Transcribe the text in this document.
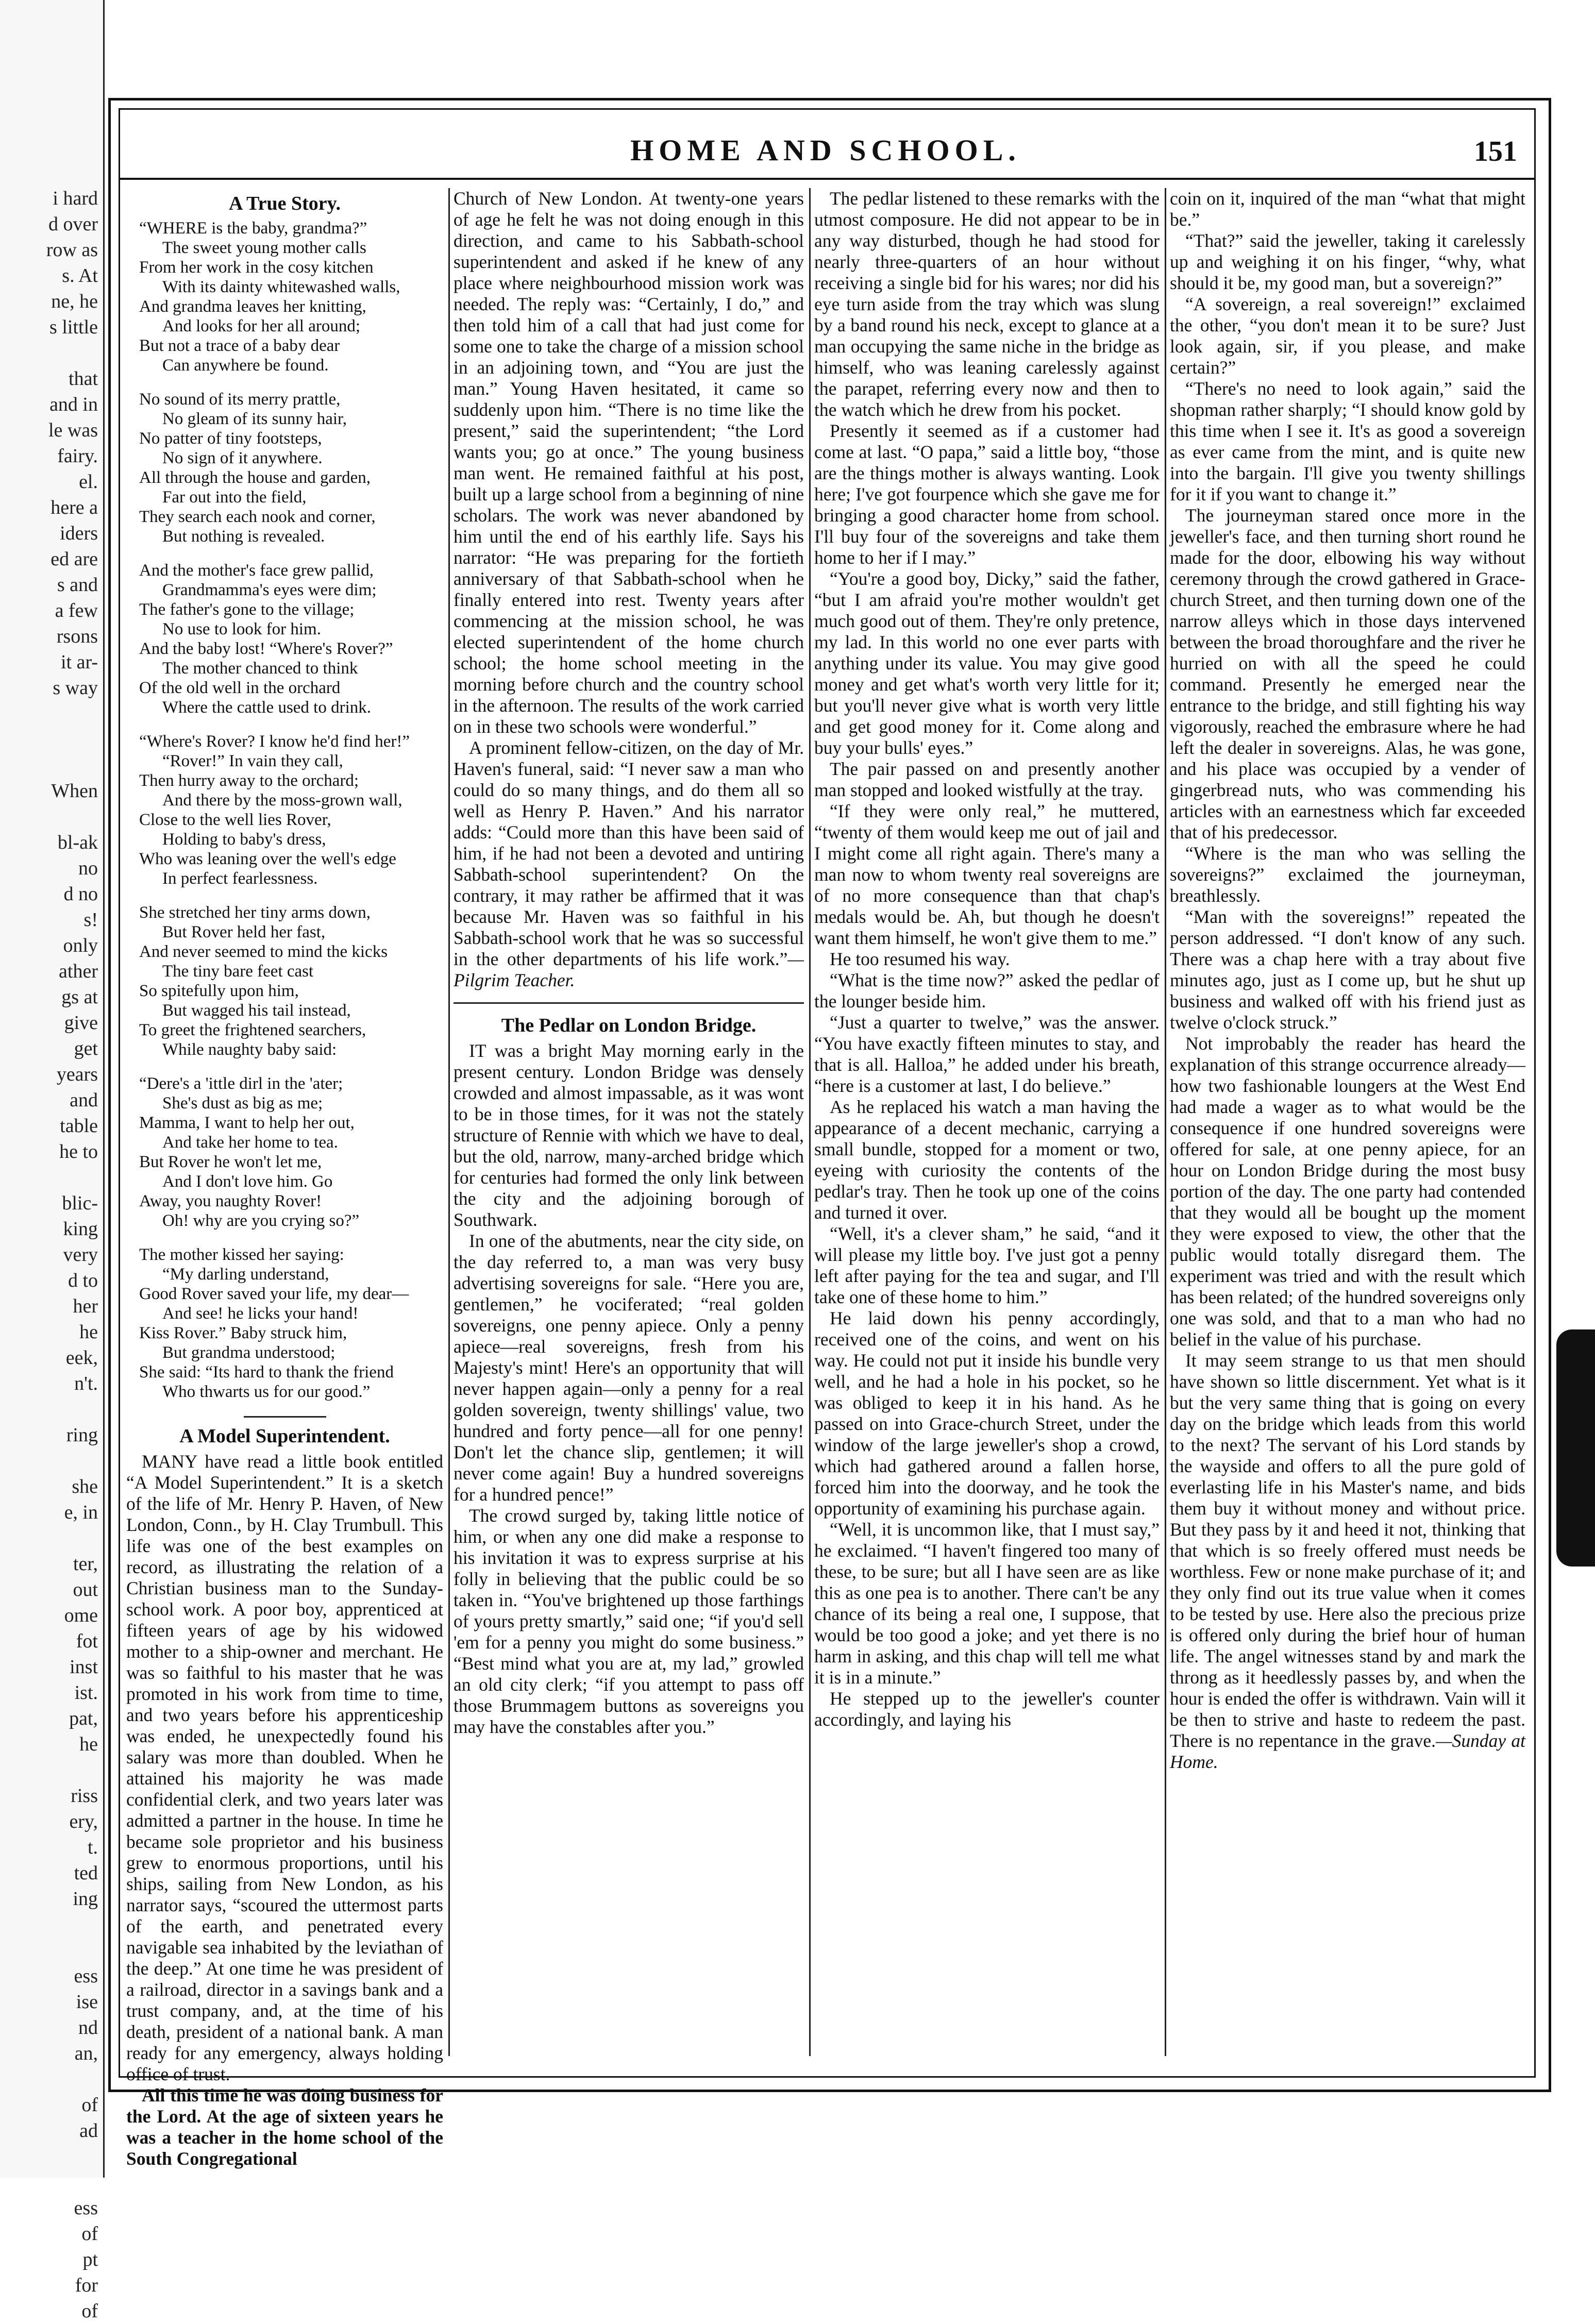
i hard
d over
row as
s. At
ne, he
s little

that
and in
le was
fairy.
el.
here a
iders
ed are
s and
a few
rsons
it ar-
s way

When

bl-ak
no
d no
s!
only
ather
gs at
give
get
years
and
table
he to

blic-
king
very
d to
her
he
eek,
n't.

ring

she
e, in

ter,
out
ome
fot
inst
ist.
pat,
he

riss
ery,
t.
ted
ing

ess
ise
nd
an,

of
ad

ess
of
pt
for
of
HOME AND SCHOOL.	151
A True Story.
“WHERE is the baby, grandma?”
The sweet young mother calls
From her work in the cosy kitchen
With its dainty whitewashed walls,
And grandma leaves her knitting,
And looks for her all around;
But not a trace of a baby dear
Can anywhere be found.
No sound of its merry prattle,
No gleam of its sunny hair,
No patter of tiny footsteps,
No sign of it anywhere.
All through the house and garden,
Far out into the field,
They search each nook and corner,
But nothing is revealed.
And the mother's face grew pallid,
Grandmamma's eyes were dim;
The father's gone to the village;
No use to look for him.
And the baby lost! “Where's Rover?”
The mother chanced to think
Of the old well in the orchard
Where the cattle used to drink.
“Where's Rover? I know he'd find her!”
“Rover!” In vain they call,
Then hurry away to the orchard;
And there by the moss-grown wall,
Close to the well lies Rover,
Holding to baby's dress,
Who was leaning over the well's edge
In perfect fearlessness.
She stretched her tiny arms down,
But Rover held her fast,
And never seemed to mind the kicks
The tiny bare feet cast
So spitefully upon him,
But wagged his tail instead,
To greet the frightened searchers,
While naughty baby said:
“Dere's a 'ittle dirl in the 'ater;
She's dust as big as me;
Mamma, I want to help her out,
And take her home to tea.
But Rover he won't let me,
And I don't love him. Go
Away, you naughty Rover!
Oh! why are you crying so?”
The mother kissed her saying:
“My darling understand,
Good Rover saved your life, my dear—
And see! he licks your hand!
Kiss Rover.” Baby struck him,
But grandma understood;
She said: “Its hard to thank the friend
Who thwarts us for our good.”
A Model Superintendent.

MANY have read a little book entitled “A Model Superintendent.” It is a sketch of the life of Mr. Henry P. Haven, of New London, Conn., by H. Clay Trumbull. This life was one of the best examples on record, as illustrating the relation of a Christian business man to the Sunday-school work. A poor boy, apprenticed at fifteen years of age by his widowed mother to a ship-owner and merchant. He was so faithful to his master that he was promoted in his work from time to time, and two years before his apprenticeship was ended, he unexpectedly found his salary was more than doubled. When he attained his majority he was made confidential clerk, and two years later was admitted a partner in the house. In time he became sole proprietor and his business grew to enormous proportions, until his ships, sailing from New London, as his narrator says, “scoured the uttermost parts of the earth, and penetrated every navigable sea inhabited by the leviathan of the deep.” At one time he was president of a railroad, director in a savings bank and a trust company, and, at the time of his death, president of a national bank. A man ready for any emergency, always holding office of trust.

All this time he was doing business for the Lord. At the age of sixteen years he was a teacher in the home school of the South Congregational

Church of New London. At twenty-one years of age he felt he was not doing enough in this direction, and came to his Sabbath-school superintendent and asked if he knew of any place where neighbourhood mission work was needed. The reply was: “Certainly, I do,” and then told him of a call that had just come for some one to take the charge of a mission school in an adjoining town, and “You are just the man.” Young Haven hesitated, it came so suddenly upon him. “There is no time like the present,” said the superintendent; “the Lord wants you; go at once.” The young business man went. He remained faithful at his post, built up a large school from a beginning of nine scholars. The work was never abandoned by him until the end of his earthly life. Says his narrator: “He was preparing for the fortieth anniversary of that Sabbath-school when he finally entered into rest. Twenty years after commencing at the mission school, he was elected superintendent of the home church school; the home school meeting in the morning before church and the country school in the afternoon. The results of the work carried on in these two schools were wonderful.”

A prominent fellow-citizen, on the day of Mr. Haven's funeral, said: “I never saw a man who could do so many things, and do them all so well as Henry P. Haven.” And his narrator adds: “Could more than this have been said of him, if he had not been a devoted and untiring Sabbath-school superintendent? On the contrary, it may rather be affirmed that it was because Mr. Haven was so faithful in his Sabbath-school work that he was so successful in the other departments of his life work.”—Pilgrim Teacher.

The Pedlar on London Bridge.

IT was a bright May morning early in the present century. London Bridge was densely crowded and almost impassable, as it was wont to be in those times, for it was not the stately structure of Rennie with which we have to deal, but the old, narrow, many-arched bridge which for centuries had formed the only link between the city and the adjoining borough of Southwark.

In one of the abutments, near the city side, on the day referred to, a man was very busy advertising sovereigns for sale. “Here you are, gentlemen,” he vociferated; “real golden sovereigns, one penny apiece. Only a penny apiece—real sovereigns, fresh from his Majesty's mint! Here's an opportunity that will never happen again—only a penny for a real golden sovereign, twenty shillings' value, two hundred and forty pence—all for one penny! Don't let the chance slip, gentlemen; it will never come again! Buy a hundred sovereigns for a hundred pence!”

The crowd surged by, taking little notice of him, or when any one did make a response to his invitation it was to express surprise at his folly in believing that the public could be so taken in. “You've brightened up those farthings of yours pretty smartly,” said one; “if you'd sell 'em for a penny you might do some business.” “Best mind what you are at, my lad,” growled an old city clerk; “if you attempt to pass off those Brummagem buttons as sovereigns you may have the constables after you.”

The pedlar listened to these remarks with the utmost composure. He did not appear to be in any way disturbed, though he had stood for nearly three-quarters of an hour without receiving a single bid for his wares; nor did his eye turn aside from the tray which was slung by a band round his neck, except to glance at a man occupying the same niche in the bridge as himself, who was leaning carelessly against the parapet, referring every now and then to the watch which he drew from his pocket.

Presently it seemed as if a customer had come at last. “O papa,” said a little boy, “those are the things mother is always wanting. Look here; I've got fourpence which she gave me for bringing a good character home from school. I'll buy four of the sovereigns and take them home to her if I may.”

“You're a good boy, Dicky,” said the father, “but I am afraid you're mother wouldn't get much good out of them. They're only pretence, my lad. In this world no one ever parts with anything under its value. You may give good money and get what's worth very little for it; but you'll never give what is worth very little and get good money for it. Come along and buy your bulls' eyes.”

The pair passed on and presently another man stopped and looked wistfully at the tray.

“If they were only real,” he muttered, “twenty of them would keep me out of jail and I might come all right again. There's many a man now to whom twenty real sovereigns are of no more consequence than that chap's medals would be. Ah, but though he doesn't want them himself, he won't give them to me.”

He too resumed his way.

“What is the time now?” asked the pedlar of the lounger beside him.

“Just a quarter to twelve,” was the answer. “You have exactly fifteen minutes to stay, and that is all. Halloa,” he added under his breath, “here is a customer at last, I do believe.”

As he replaced his watch a man having the appearance of a decent mechanic, carrying a small bundle, stopped for a moment or two, eyeing with curiosity the contents of the pedlar's tray. Then he took up one of the coins and turned it over.

“Well, it's a clever sham,” he said, “and it will please my little boy. I've just got a penny left after paying for the tea and sugar, and I'll take one of these home to him.”

He laid down his penny accordingly, received one of the coins, and went on his way. He could not put it inside his bundle very well, and he had a hole in his pocket, so he was obliged to keep it in his hand. As he passed on into Grace-church Street, under the window of the large jeweller's shop a crowd, which had gathered around a fallen horse, forced him into the doorway, and he took the opportunity of examining his purchase again.

“Well, it is uncommon like, that I must say,” he exclaimed. “I haven't fingered too many of these, to be sure; but all I have seen are as like this as one pea is to another. There can't be any chance of its being a real one, I suppose, that would be too good a joke; and yet there is no harm in asking, and this chap will tell me what it is in a minute.”

He stepped up to the jeweller's counter accordingly, and laying his

coin on it, inquired of the man “what that might be.”

“That?” said the jeweller, taking it carelessly up and weighing it on his finger, “why, what should it be, my good man, but a sovereign?”

“A sovereign, a real sovereign!” exclaimed the other, “you don't mean it to be sure? Just look again, sir, if you please, and make certain?”

“There's no need to look again,” said the shopman rather sharply; “I should know gold by this time when I see it. It's as good a sovereign as ever came from the mint, and is quite new into the bargain. I'll give you twenty shillings for it if you want to change it.”

The journeyman stared once more in the jeweller's face, and then turning short round he made for the door, elbowing his way without ceremony through the crowd gathered in Grace-church Street, and then turning down one of the narrow alleys which in those days intervened between the broad thoroughfare and the river he hurried on with all the speed he could command. Presently he emerged near the entrance to the bridge, and still fighting his way vigorously, reached the embrasure where he had left the dealer in sovereigns. Alas, he was gone, and his place was occupied by a vender of gingerbread nuts, who was commending his articles with an earnestness which far exceeded that of his predecessor.

“Where is the man who was selling the sovereigns?” exclaimed the journeyman, breathlessly.

“Man with the sovereigns!” repeated the person addressed. “I don't know of any such. There was a chap here with a tray about five minutes ago, just as I come up, but he shut up business and walked off with his friend just as twelve o'clock struck.”

Not improbably the reader has heard the explanation of this strange occurrence already—how two fashionable loungers at the West End had made a wager as to what would be the consequence if one hundred sovereigns were offered for sale, at one penny apiece, for an hour on London Bridge during the most busy portion of the day. The one party had contended that they would all be bought up the moment they were exposed to view, the other that the public would totally disregard them. The experiment was tried and with the result which has been related; of the hundred sovereigns only one was sold, and that to a man who had no belief in the value of his purchase.

It may seem strange to us that men should have shown so little discernment. Yet what is it but the very same thing that is going on every day on the bridge which leads from this world to the next? The servant of his Lord stands by the wayside and offers to all the pure gold of everlasting life in his Master's name, and bids them buy it without money and without price. But they pass by it and heed it not, thinking that that which is so freely offered must needs be worthless. Few or none make purchase of it; and they only find out its true value when it comes to be tested by use. Here also the precious prize is offered only during the brief hour of human life. The angel witnesses stand by and mark the throng as it heedlessly passes by, and when the hour is ended the offer is withdrawn. Vain will it be then to strive and haste to redeem the past. There is no repentance in the grave.—Sunday at Home.
